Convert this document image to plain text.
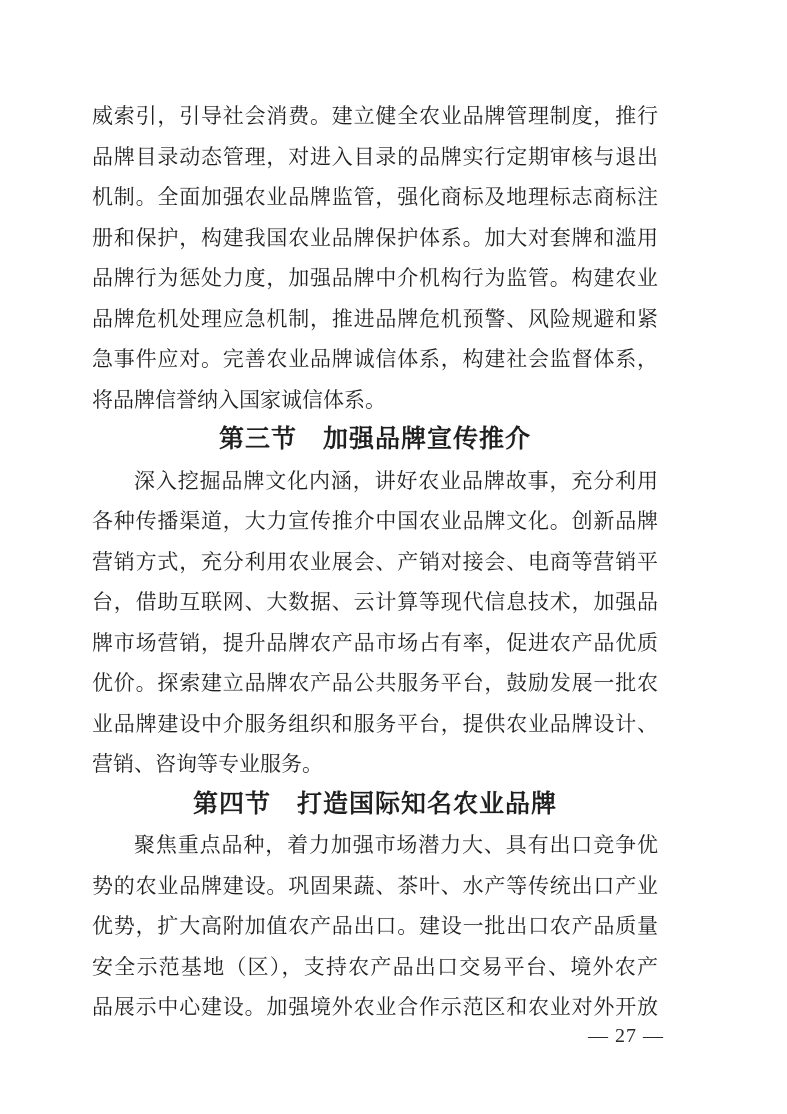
威索引，引导社会消费。建立健全农业品牌管理制度，推行
品牌目录动态管理，对进入目录的品牌实行定期审核与退出
机制。全面加强农业品牌监管，强化商标及地理标志商标注
册和保护，构建我国农业品牌保护体系。加大对套牌和滥用
品牌行为惩处力度，加强品牌中介机构行为监管。构建农业
品牌危机处理应急机制，推进品牌危机预警、风险规避和紧
急事件应对。完善农业品牌诚信体系，构建社会监督体系，
将品牌信誉纳入国家诚信体系。
第三节　加强品牌宣传推介
深入挖掘品牌文化内涵，讲好农业品牌故事，充分利用
各种传播渠道，大力宣传推介中国农业品牌文化。创新品牌
营销方式，充分利用农业展会、产销对接会、电商等营销平
台，借助互联网、大数据、云计算等现代信息技术，加强品
牌市场营销，提升品牌农产品市场占有率，促进农产品优质
优价。探索建立品牌农产品公共服务平台，鼓励发展一批农
业品牌建设中介服务组织和服务平台，提供农业品牌设计、
营销、咨询等专业服务。
第四节　打造国际知名农业品牌
聚焦重点品种，着力加强市场潜力大、具有出口竞争优
势的农业品牌建设。巩固果蔬、茶叶、水产等传统出口产业
优势，扩大高附加值农产品出口。建设一批出口农产品质量
安全示范基地（区），支持农产品出口交易平台、境外农产
品展示中心建设。加强境外农业合作示范区和农业对外开放
— 27 —
